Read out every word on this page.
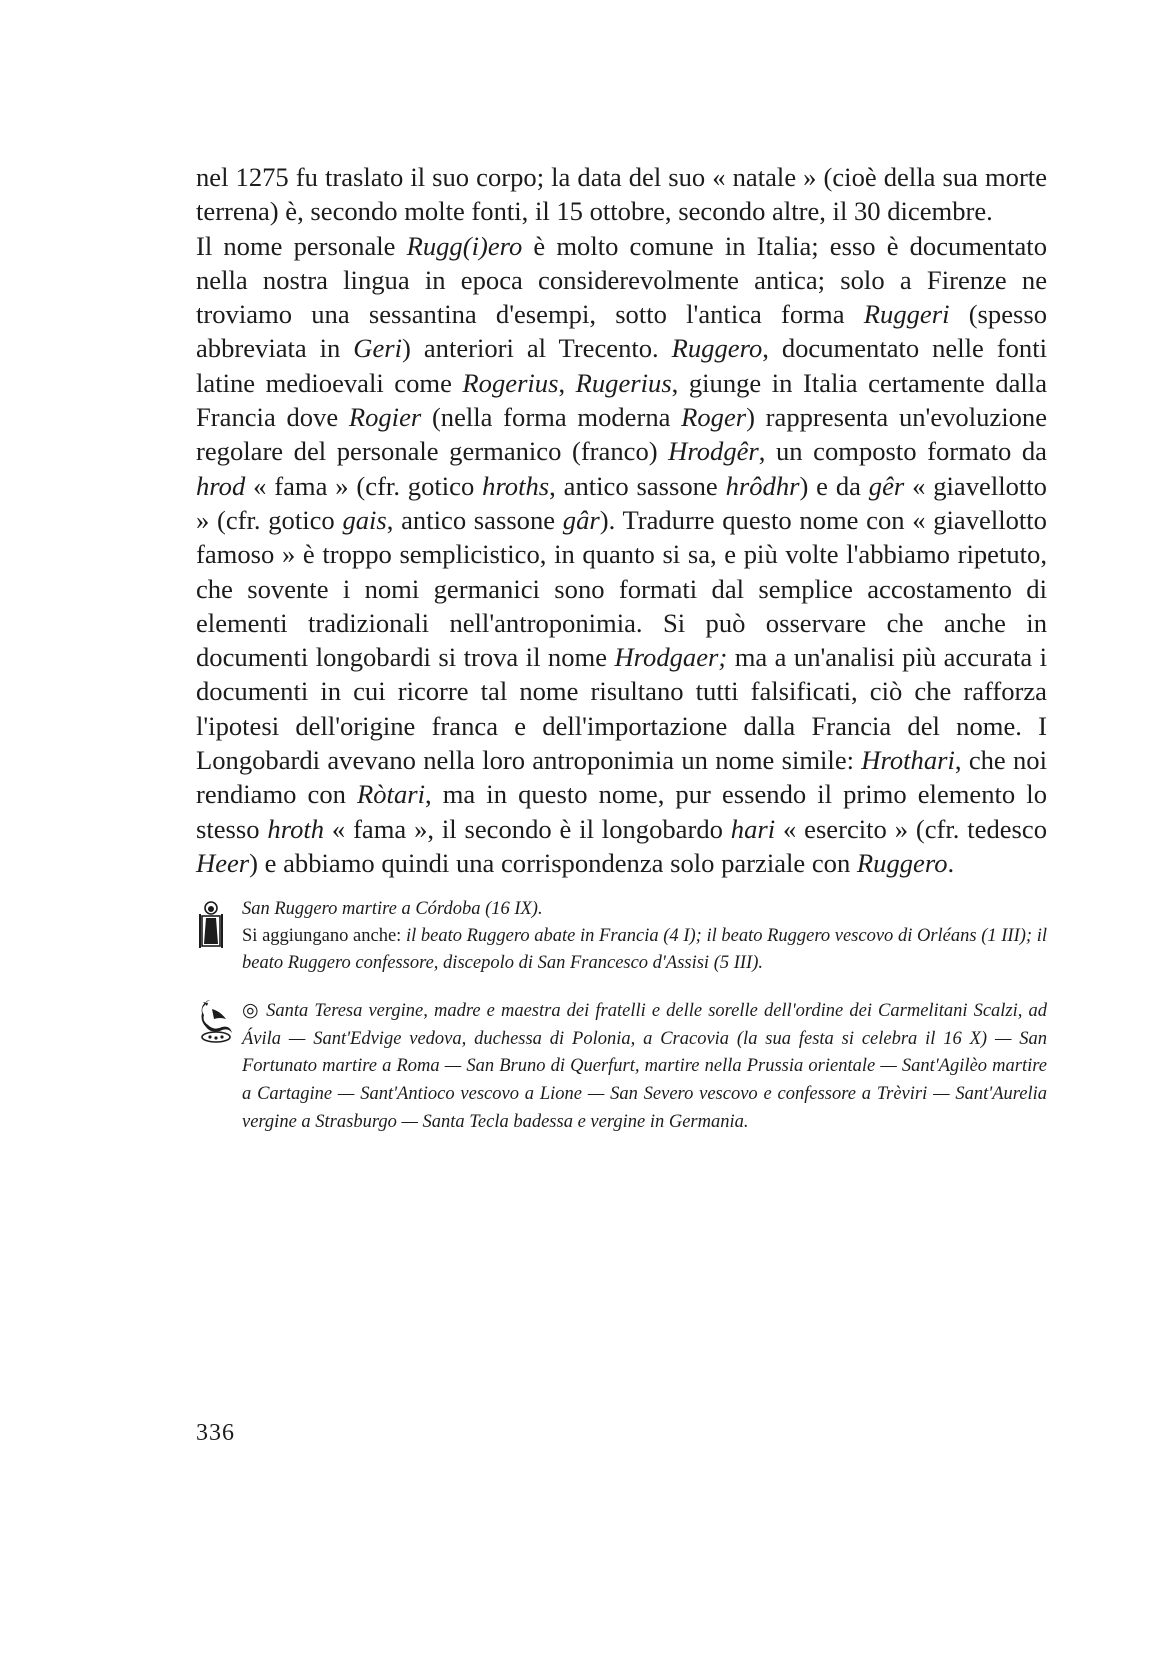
nel 1275 fu traslato il suo corpo; la data del suo « natale » (cioè della sua morte terrena) è, secondo molte fonti, il 15 ottobre, secondo altre, il 30 dicembre.

Il nome personale Rugg(i)ero è molto comune in Italia; esso è documentato nella nostra lingua in epoca considerevolmente antica; solo a Firenze ne troviamo una sessantina d'esempi, sotto l'antica forma Ruggeri (spesso abbreviata in Geri) anteriori al Trecento. Ruggero, documentato nelle fonti latine medioevali come Rogerius, Rugerius, giunge in Italia certamente dalla Francia dove Rogier (nella forma moderna Roger) rappresenta un'evoluzione regolare del personale germanico (franco) Hrodgêr, un composto formato da hrod « fama » (cfr. gotico hroths, antico sassone hrôdhr) e da gêr « giavellotto » (cfr. gotico gais, antico sassone gâr). Tradurre questo nome con « giavellotto famoso » è troppo semplicistico, in quanto si sa, e più volte l'abbiamo ripetuto, che sovente i nomi germanici sono formati dal semplice accostamento di elementi tradizionali nell'antroponimia. Si può osservare che anche in documenti longobardi si trova il nome Hrodgaer; ma a un'analisi più accurata i documenti in cui ricorre tal nome risultano tutti falsificati, ciò che rafforza l'ipotesi dell'origine franca e dell'importazione dalla Francia del nome. I Longobardi avevano nella loro antroponimia un nome simile: Hrothari, che noi rendiamo con Ròtari, ma in questo nome, pur essendo il primo elemento lo stesso hroth « fama », il secondo è il longobardo hari « esercito » (cfr. tedesco Heer) e abbiamo quindi una corrispondenza solo parziale con Ruggero.

San Ruggero martire a Córdoba (16 IX).

Si aggiungano anche: il beato Ruggero abate in Francia (4 I); il beato Ruggero vescovo di Orléans (1 III); il beato Ruggero confessore, discepolo di San Francesco d'Assisi (5 III).

◎ Santa Teresa vergine, madre e maestra dei fratelli e delle sorelle dell'ordine dei Carmelitani Scalzi, ad Ávila — Sant'Edvige vedova, duchessa di Polonia, a Cracovia (la sua festa si celebra il 16 X) — San Fortunato martire a Roma — San Bruno di Querfurt, martire nella Prussia orientale — Sant'Agilèo martire a Cartagine — Sant'Antioco vescovo a Lione — San Severo vescovo e confessore a Trèviri — Sant'Aurelia vergine a Strasburgo — Santa Tecla badessa e vergine in Germania.

336
